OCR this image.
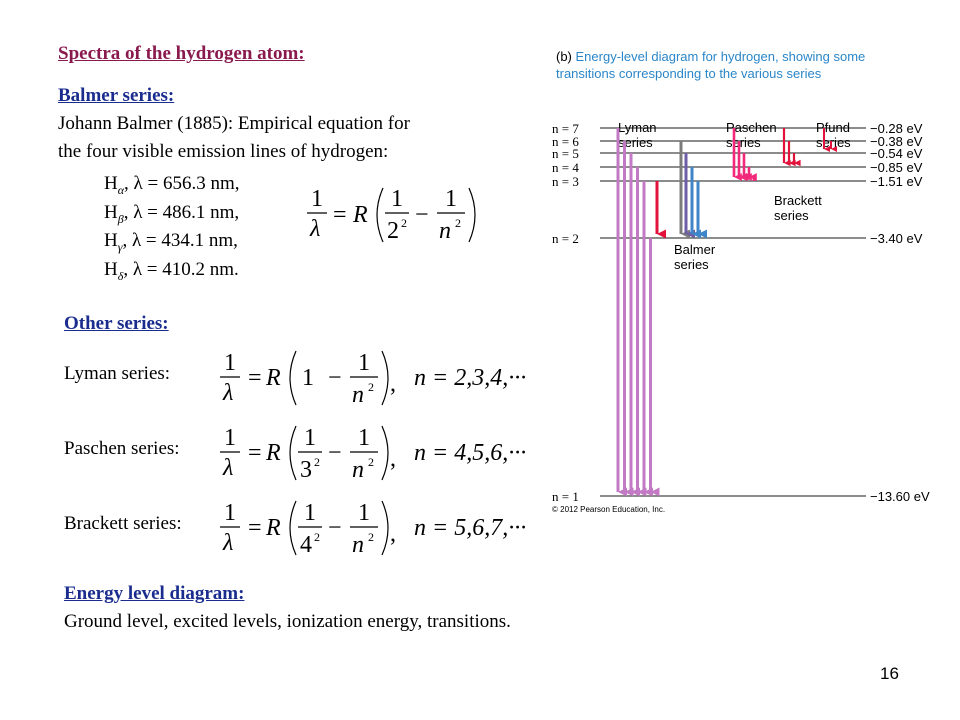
Spectra of the hydrogen atom:
Balmer series:
Johann Balmer (1885): Empirical equation for
the four visible emission lines of hydrogen:
$H_\alpha$, λ = 656.3 nm,
$H_\beta$, λ = 486.1 nm,
$H_\gamma$, λ = 434.1 nm,
$H_\delta$, λ = 410.2 nm.
1
λ
= R
1
2 2 −
1
n 2
Other series:
Lyman series: 1
λ
= R 1 −
1
n 2 , n = 2,3,4,···
Paschen series: 1
λ
= R
1
3 2 −
1
n 2 , n = 4,5,6,···
Brackett series: 1
λ
= R
1
4 2 −
1
n 2 , n = 5,6,7,···
Energy level diagram:
Ground level, excited levels, ionization energy, transitions.
16
(b) Energy-level diagram for hydrogen, showing some
transitions corresponding to the various series
n = 7	−0.28 eV
n = 6	−0.38 eV
n = 5	−0.54 eV
n = 4	−0.85 eV
n = 3	−1.51 eV
n = 2	−3.40 eV
n = 1	−13.60 eV
Lyman
series
Paschen
series
Pfund
series
Brackett
series
Balmer
series
© 2012 Pearson Education, Inc.
